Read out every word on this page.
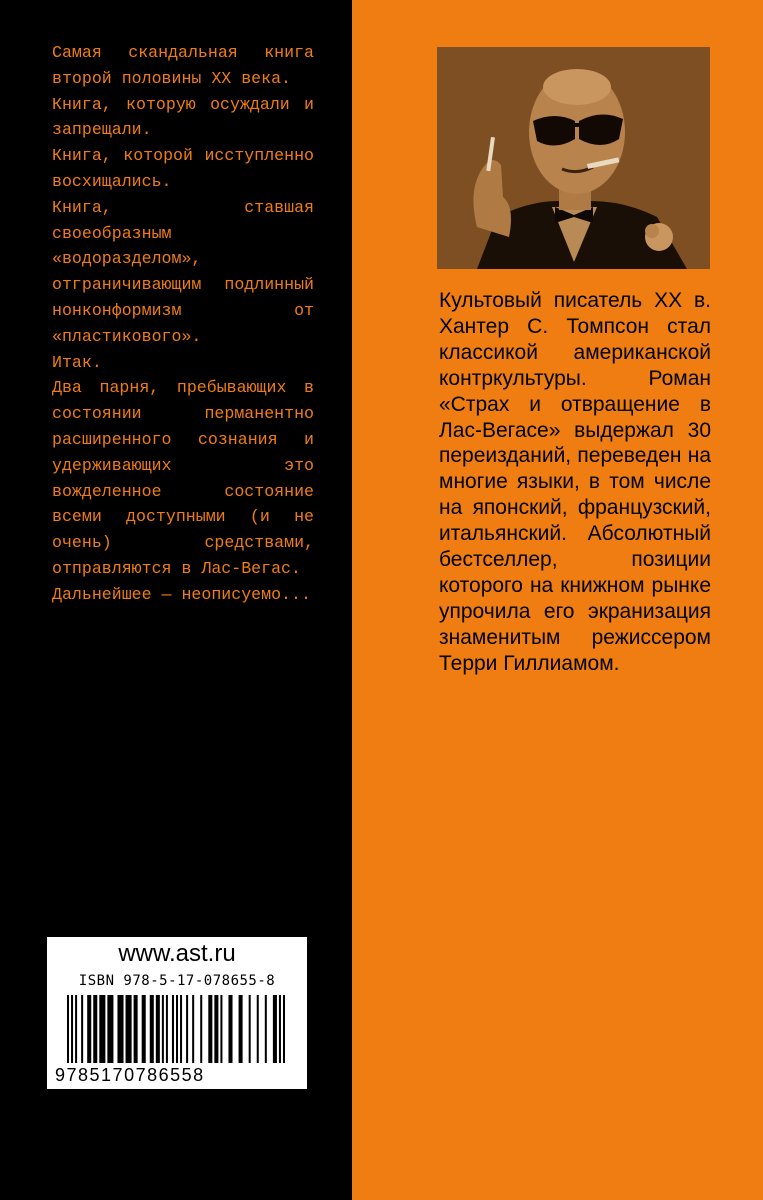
Самая скандальная книга второй половины XX века.

Книга, которую осуждали и запрещали.

Книга, которой исступленно восхищались.

Книга, ставшая своеобразным «водоразделом», отграничивающим подлинный нонконформизм от «пластикового».

Итак.

Два парня, пребывающих в состоянии перманентно расширенного сознания и удерживающих это вожделенное состояние всеми доступными (и не очень) средствами, отправляются в Лас-Вегас.

Дальнейшее — неописуемо...

Культовый писатель XX в. Хантер С. Томпсон стал классикой американской контркультуры. Роман «Страх и отвращение в Лас-Вегасе» выдержал 30 переизданий, переведен на многие языки, в том числе на японский, французский, итальянский. Абсолютный бестселлер, позиции которого на книжном рынке упрочила его экранизация знаменитым режиссером Терри Гиллиамом.

www.ast.ru
ISBN 978-5-17-078655-8
9785170786558
